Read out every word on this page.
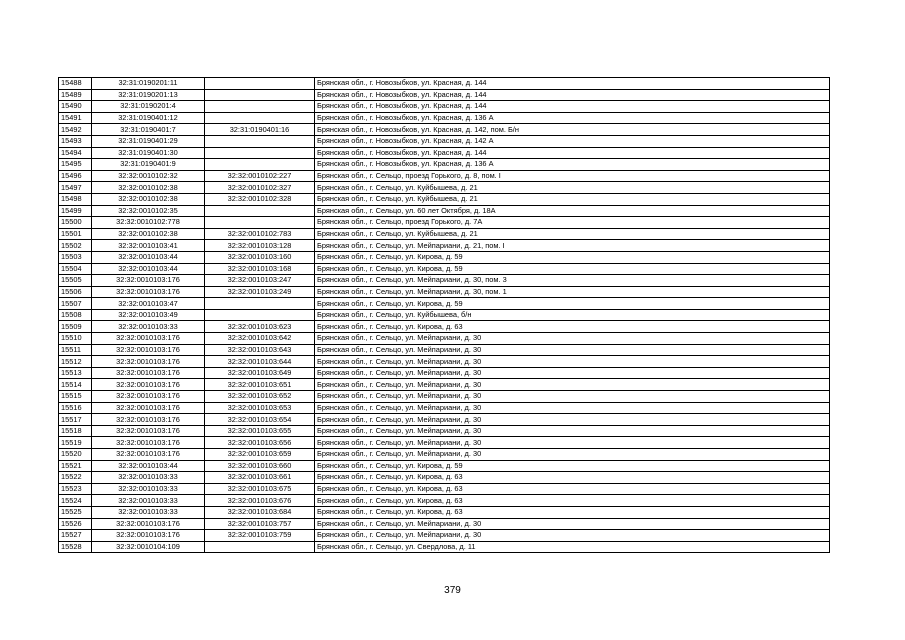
15488	32:31:0190201:11		Брянская обл., г. Новозыбков, ул. Красная, д. 144
15489	32:31:0190201:13		Брянская обл., г. Новозыбков, ул. Красная, д. 144
15490	32:31:0190201:4		Брянская обл., г. Новозыбков, ул. Красная, д. 144
15491	32:31:0190401:12		Брянская обл., г. Новозыбков, ул. Красная, д. 136 А
15492	32:31:0190401:7	32:31:0190401:16	Брянская обл., г. Новозыбков, ул. Красная, д. 142, пом. Б/н
15493	32:31:0190401:29		Брянская обл., г. Новозыбков, ул. Красная, д. 142 А
15494	32:31:0190401:30		Брянская обл., г. Новозыбков, ул. Красная, д. 144
15495	32:31:0190401:9		Брянская обл., г. Новозыбков, ул. Красная, д. 136 А
15496	32:32:0010102:32	32:32:0010102:227	Брянская обл., г. Сельцо, проезд Горького, д. 8, пом. I
15497	32:32:0010102:38	32:32:0010102:327	Брянская обл., г. Сельцо, ул. Куйбышева, д. 21
15498	32:32:0010102:38	32:32:0010102:328	Брянская обл., г. Сельцо, ул. Куйбышева, д. 21
15499	32:32:0010102:35		Брянская обл., г. Сельцо, ул. 60 лет Октября, д. 18А
15500	32:32:0010102:778		Брянская обл., г. Сельцо, проезд Горького, д. 7А
15501	32:32:0010102:38	32:32:0010102:783	Брянская обл., г. Сельцо, ул. Куйбышева, д. 21
15502	32:32:0010103:41	32:32:0010103:128	Брянская обл., г. Сельцо, ул. Мейпариани, д. 21, пом. I
15503	32:32:0010103:44	32:32:0010103:160	Брянская обл., г. Сельцо, ул. Кирова, д. 59
15504	32:32:0010103:44	32:32:0010103:168	Брянская обл., г. Сельцо, ул. Кирова, д. 59
15505	32:32:0010103:176	32:32:0010103:247	Брянская обл., г. Сельцо, ул. Мейпариани, д. 30, пом. 3
15506	32:32:0010103:176	32:32:0010103:249	Брянская обл., г. Сельцо, ул. Мейпариани, д. 30, пом. 1
15507	32:32:0010103:47		Брянская обл., г. Сельцо, ул. Кирова, д. 59
15508	32:32:0010103:49		Брянская обл., г. Сельцо, ул. Куйбышева, б/н
15509	32:32:0010103:33	32:32:0010103:623	Брянская обл., г. Сельцо, ул. Кирова, д. 63
15510	32:32:0010103:176	32:32:0010103:642	Брянская обл., г. Сельцо, ул. Мейпариани, д. 30
15511	32:32:0010103:176	32:32:0010103:643	Брянская обл., г. Сельцо, ул. Мейпариани, д. 30
15512	32:32:0010103:176	32:32:0010103:644	Брянская обл., г. Сельцо, ул. Мейпариани, д. 30
15513	32:32:0010103:176	32:32:0010103:649	Брянская обл., г. Сельцо, ул. Мейпариани, д. 30
15514	32:32:0010103:176	32:32:0010103:651	Брянская обл., г. Сельцо, ул. Мейпариани, д. 30
15515	32:32:0010103:176	32:32:0010103:652	Брянская обл., г. Сельцо, ул. Мейпариани, д. 30
15516	32:32:0010103:176	32:32:0010103:653	Брянская обл., г. Сельцо, ул. Мейпариани, д. 30
15517	32:32:0010103:176	32:32:0010103:654	Брянская обл., г. Сельцо, ул. Мейпариани, д. 30
15518	32:32:0010103:176	32:32:0010103:655	Брянская обл., г. Сельцо, ул. Мейпариани, д. 30
15519	32:32:0010103:176	32:32:0010103:656	Брянская обл., г. Сельцо, ул. Мейпариани, д. 30
15520	32:32:0010103:176	32:32:0010103:659	Брянская обл., г. Сельцо, ул. Мейпариани, д. 30
15521	32:32:0010103:44	32:32:0010103:660	Брянская обл., г. Сельцо, ул. Кирова, д. 59
15522	32:32:0010103:33	32:32:0010103:661	Брянская обл., г. Сельцо, ул. Кирова, д. 63
15523	32:32:0010103:33	32:32:0010103:675	Брянская обл., г. Сельцо, ул. Кирова, д. 63
15524	32:32:0010103:33	32:32:0010103:676	Брянская обл., г. Сельцо, ул. Кирова, д. 63
15525	32:32:0010103:33	32:32:0010103:684	Брянская обл., г. Сельцо, ул. Кирова, д. 63
15526	32:32:0010103:176	32:32:0010103:757	Брянская обл., г. Сельцо, ул. Мейпариани, д. 30
15527	32:32:0010103:176	32:32:0010103:759	Брянская обл., г. Сельцо, ул. Мейпариани, д. 30
15528	32:32:0010104:109		Брянская обл., г. Сельцо, ул. Свердлова, д. 11
379
